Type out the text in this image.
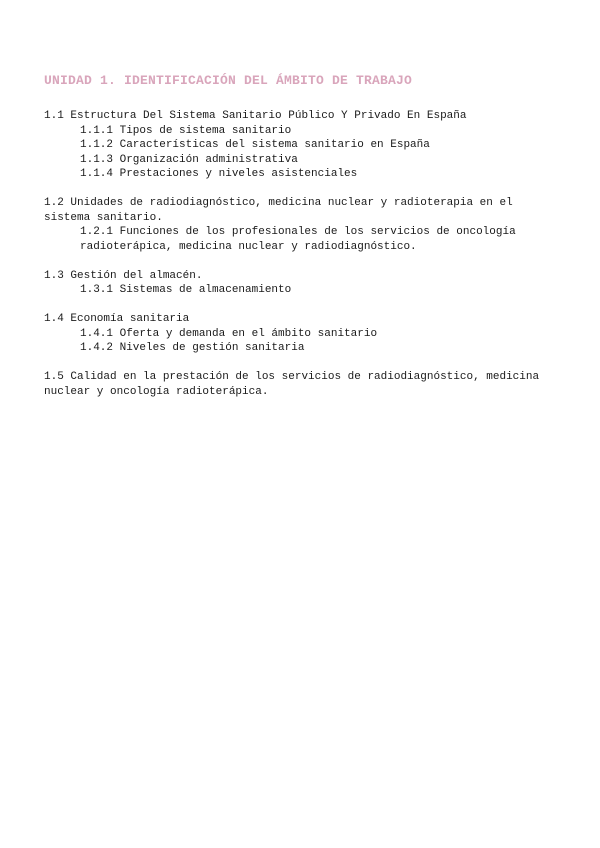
UNIDAD 1. IDENTIFICACIÓN DEL ÁMBITO DE TRABAJO

1.1 Estructura Del Sistema Sanitario Público Y Privado En España

1.1.1 Tipos de sistema sanitario

1.1.2 Características del sistema sanitario en España

1.1.3 Organización administrativa

1.1.4 Prestaciones y niveles asistenciales

1.2 Unidades de radiodiagnóstico, medicina nuclear y radioterapia en el sistema sanitario.

1.2.1 Funciones de los profesionales de los servicios de oncología radioterápica, medicina nuclear y radiodiagnóstico.

1.3 Gestión del almacén.

1.3.1 Sistemas de almacenamiento

1.4 Economía sanitaria

1.4.1 Oferta y demanda en el ámbito sanitario

1.4.2 Niveles de gestión sanitaria

1.5 Calidad en la prestación de los servicios de radiodiagnóstico, medicina nuclear y oncología radioterápica.
